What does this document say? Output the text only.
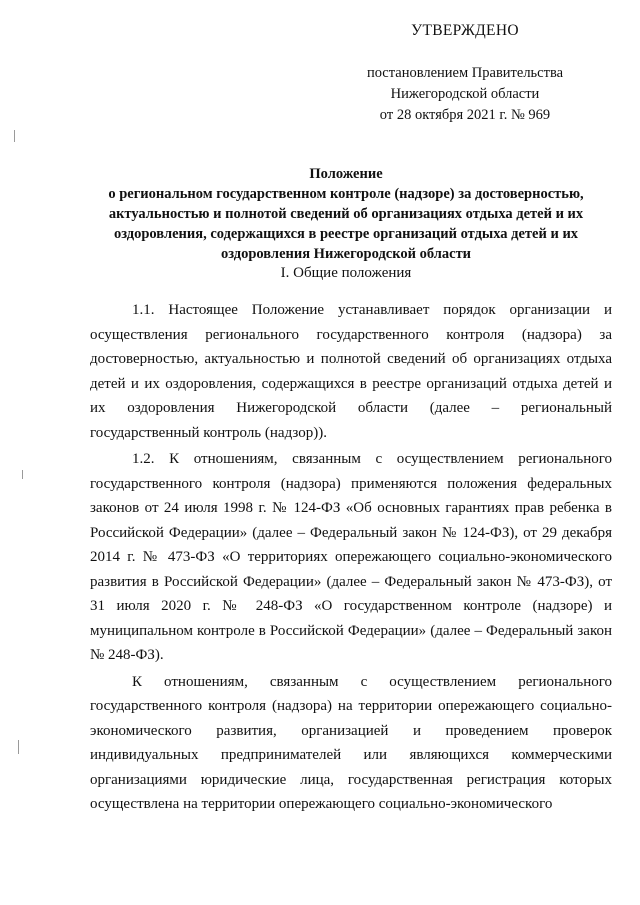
УТВЕРЖДЕНО
постановлением Правительства
Нижегородской области
от 28 октября 2021 г. № 969
Положение
о региональном государственном контроле (надзоре) за достоверностью,
актуальностью и полнотой сведений об организациях отдыха детей и их
оздоровления, содержащихся в реестре организаций отдыха детей и их
оздоровления Нижегородской области
I. Общие положения

1.1. Настоящее Положение устанавливает порядок организации и осуществления регионального государственного контроля (надзора) за достоверностью, актуальностью и полнотой сведений об организациях отдыха детей и их оздоровления, содержащихся в реестре организаций отдыха детей и их оздоровления Нижегородской области (далее – региональный государственный контроль (надзор)).

1.2. К отношениям, связанным с осуществлением регионального государственного контроля (надзора) применяются положения федеральных законов от 24 июля 1998 г. № 124-ФЗ «Об основных гарантиях прав ребенка в Российской Федерации» (далее – Федеральный закон № 124-ФЗ), от 29 декабря 2014 г. № 473-ФЗ «О территориях опережающего социально-экономического развития в Российской Федерации» (далее – Федеральный закон № 473-ФЗ), от 31 июля 2020 г. № 248-ФЗ «О государственном контроле (надзоре) и муниципальном контроле в Российской Федерации» (далее – Федеральный закон № 248-ФЗ).

К отношениям, связанным с осуществлением регионального государственного контроля (надзора) на территории опережающего социально-экономического развития, организацией и проведением проверок индивидуальных предпринимателей или являющихся коммерческими организациями юридические лица, государственная регистрация которых осуществлена на территории опережающего социально-экономического
